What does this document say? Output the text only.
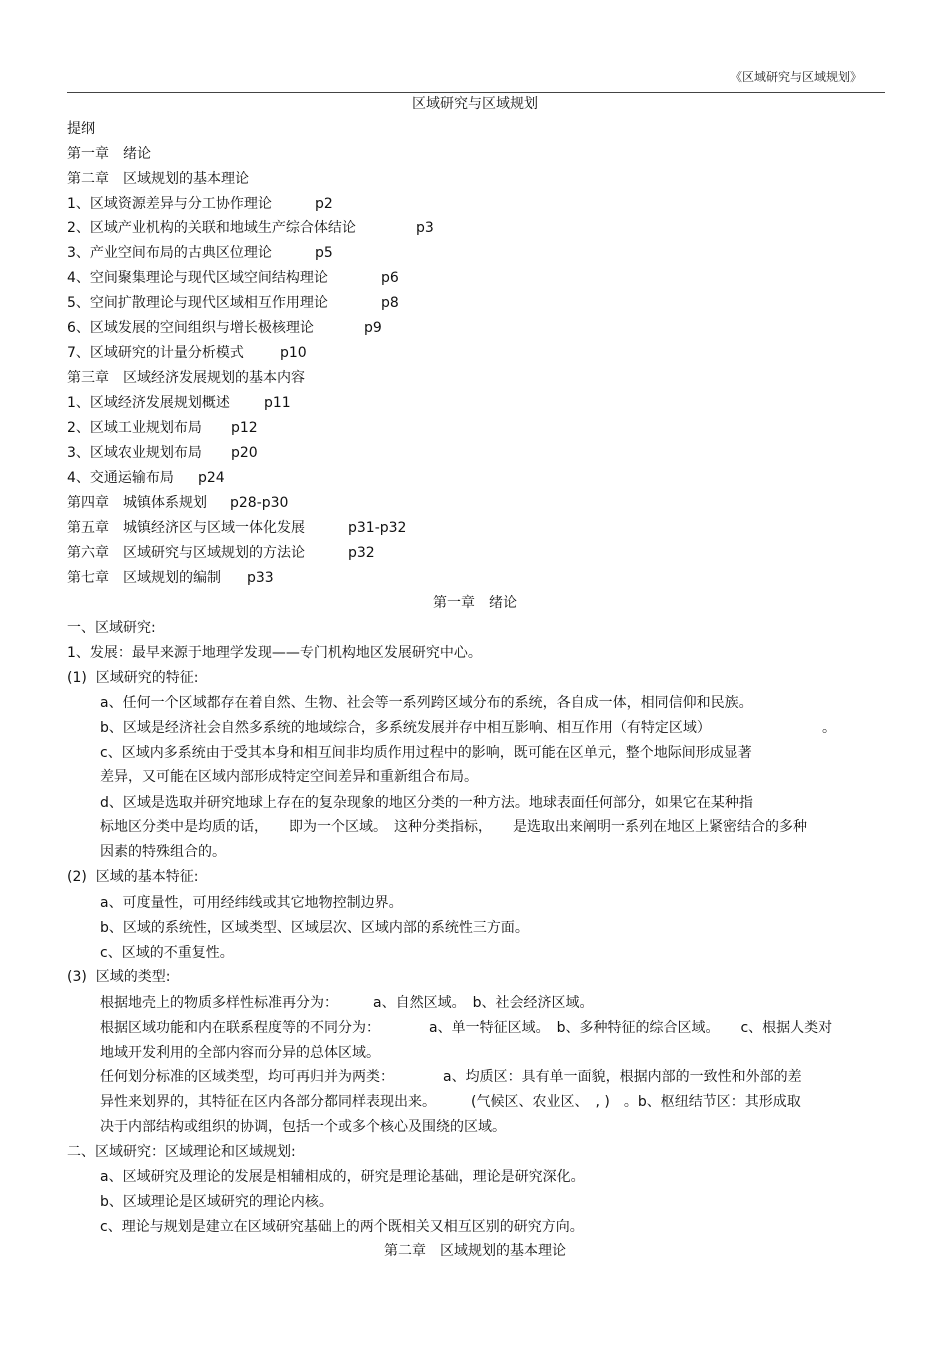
《区域研究与区域规划》
区域研究与区域规划
提纲
第一章　绪论
第二章　区域规划的基本理论
1、区域资源差异与分工协作理论	p2
2、区域产业机构的关联和地域生产综合体结论	p3
3、产业空间布局的古典区位理论	p5
4、空间聚集理论与现代区域空间结构理论	p6
5、空间扩散理论与现代区域相互作用理论	p8
6、区域发展的空间组织与增长极核理论	p9
7、区域研究的计量分析模式	p10
第三章　区域经济发展规划的基本内容
1、区域经济发展规划概述 p11
2、区域工业规划布局 p12
3、区域农业规划布局 p20
4、交通运输布局 p24
第四章　城镇体系规划 p28-p30
第五章　城镇经济区与区域一体化发展	p31-p32
第六章　区域研究与区域规划的方法论	p32
第七章　区域规划的编制 p33
第一章　绪论
一、区域研究:
1、发展：最早来源于地理学发现——专门机构地区发展研究中心。
(1)  区域研究的特征:
a、任何一个区域都存在着自然、生物、社会等一系列跨区域分布的系统，各自成一体，相同信仰和民族。
b、区域是经济社会自然多系统的地域综合，多系统发展并存中相互影响、相互作用（有特定区域）	。
c、区域内多系统由于受其本身和相互间非均质作用过程中的影响，既可能在区单元，整个地际间形成显著
差异，又可能在区域内部形成特定空间差异和重新组合布局。
d、区域是选取并研究地球上存在的复杂现象的地区分类的一种方法。地球表面任何部分，如果它在某种指
标地区分类中是均质的话，　　即为一个区域。　这种分类指标，　　是选取出来阐明一系列在地区上紧密结合的多种
因素的特殊组合的。
(2)  区域的基本特征:
a、可度量性，可用经纬线或其它地物控制边界。
b、区域的系统性，区域类型、区域层次、区域内部的系统性三方面。
c、区域的不重复性。
(3)  区域的类型:
根据地壳上的物质多样性标准再分为：　　　a、自然区域。　b、社会经济区域。
根据区域功能和内在联系程度等的不同分为：　　　　a、单一特征区域。　b、多种特征的综合区域。　　c、根据人类对
地域开发利用的全部内容而分异的总体区域。
任何划分标准的区域类型，均可再归并为两类：　　　　a、均质区：具有单一面貌，根据内部的一致性和外部的差
异性来划界的，其特征在区内各部分都同样表现出来。　　　(气候区、农业区、　, )　。b、枢纽结节区：其形成取
决于内部结构或组织的协调，包括一个或多个核心及围绕的区域。
二、区域研究：区域理论和区域规划:
a、区域研究及理论的发展是相辅相成的，研究是理论基础，理论是研究深化。
b、区域理论是区域研究的理论内核。
c、理论与规划是建立在区域研究基础上的两个既相关又相互区别的研究方向。
第二章　区域规划的基本理论
